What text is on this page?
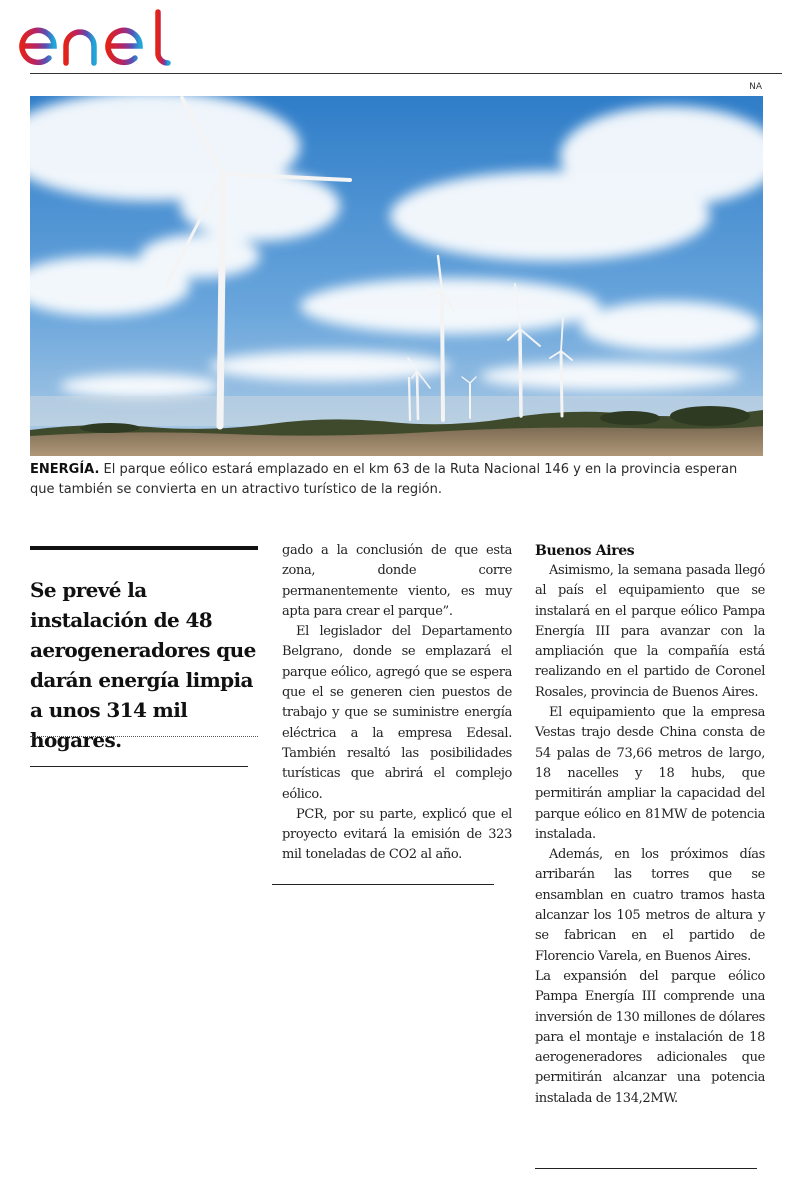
NA
ENERGÍA. El parque eólico estará emplazado en el km 63 de la Ruta Nacional 146 y en la provincia esperan que también se convierta en un atractivo turístico de la región.
Se prevé la instalación de 48 aerogeneradores que darán energía limpia a unos 314 mil hogares.

gado a la conclusión de que esta zona, donde corre permanentemente viento, es muy apta para crear el parque”.

El legislador del Departamento Belgrano, donde se emplazará el parque eólico, agregó que se espera que el se generen cien puestos de trabajo y que se suministre energía eléctrica a la empresa Edesal. También resaltó las posibilidades turísticas que abrirá el complejo eólico.

PCR, por su parte, explicó que el proyecto evitará la emisión de 323 mil toneladas de CO2 al año.

Buenos Aires

Asimismo, la semana pasada llegó al país el equipamiento que se instalará en el parque eólico Pampa Energía III para avanzar con la ampliación que la compañía está realizando en el partido de Coronel Rosales, provincia de Buenos Aires.

El equipamiento que la empresa Vestas trajo desde China consta de 54 palas de 73,66 metros de largo, 18 nacelles y 18 hubs, que permitirán ampliar la capacidad del parque eólico en 81MW de potencia instalada.

Además, en los próximos días arribarán las torres que se ensamblan en cuatro tramos hasta alcanzar los 105 metros de altura y se fabrican en el partido de Florencio Varela, en Buenos Aires.

La expansión del parque eólico Pampa Energía III comprende una inversión de 130 millones de dólares para el montaje e instalación de 18 aerogeneradores adicionales que permitirán alcanzar una potencia instalada de 134,2MW.
